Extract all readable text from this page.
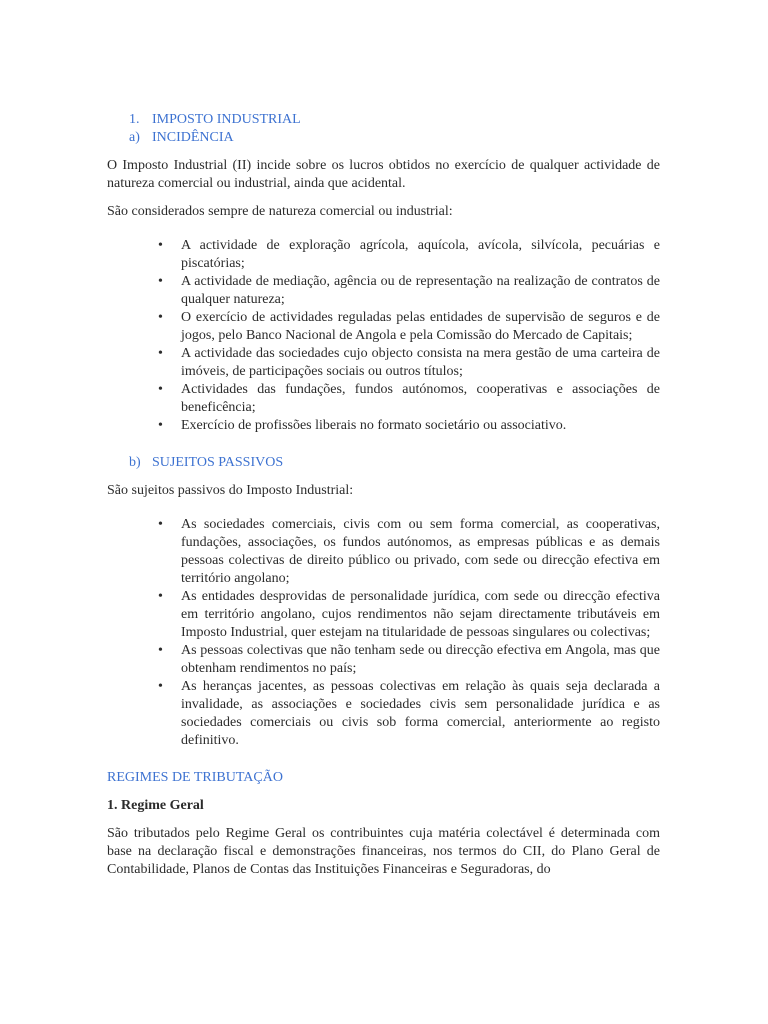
1. IMPOSTO INDUSTRIAL
a) INCIDÊNCIA

O Imposto Industrial (II) incide sobre os lucros obtidos no exercício de qualquer actividade de natureza comercial ou industrial, ainda que acidental.

São considerados sempre de natureza comercial ou industrial:

• A actividade de exploração agrícola, aquícola, avícola, silvícola, pecuárias e piscatórias;
• A actividade de mediação, agência ou de representação na realização de contratos de qualquer natureza;
• O exercício de actividades reguladas pelas entidades de supervisão de seguros e de jogos, pelo Banco Nacional de Angola e pela Comissão do Mercado de Capitais;
• A actividade das sociedades cujo objecto consista na mera gestão de uma carteira de imóveis, de participações sociais ou outros títulos;
• Actividades das fundações, fundos autónomos, cooperativas e associações de beneficência;
• Exercício de profissões liberais no formato societário ou associativo.
b) SUJEITOS PASSIVOS

São sujeitos passivos do Imposto Industrial:

• As sociedades comerciais, civis com ou sem forma comercial, as cooperativas, fundações, associações, os fundos autónomos, as empresas públicas e as demais pessoas colectivas de direito público ou privado, com sede ou direcção efectiva em território angolano;
• As entidades desprovidas de personalidade jurídica, com sede ou direcção efectiva em território angolano, cujos rendimentos não sejam directamente tributáveis em Imposto Industrial, quer estejam na titularidade de pessoas singulares ou colectivas;
• As pessoas colectivas que não tenham sede ou direcção efectiva em Angola, mas que obtenham rendimentos no país;
• As heranças jacentes, as pessoas colectivas em relação às quais seja declarada a invalidade, as associações e sociedades civis sem personalidade jurídica e as sociedades comerciais ou civis sob forma comercial, anteriormente ao registo definitivo.
REGIMES DE TRIBUTAÇÃO

1. Regime Geral

São tributados pelo Regime Geral os contribuintes cuja matéria colectável é determinada com base na declaração fiscal e demonstrações financeiras, nos termos do CII, do Plano Geral de Contabilidade, Planos de Contas das Instituições Financeiras e Seguradoras, do
